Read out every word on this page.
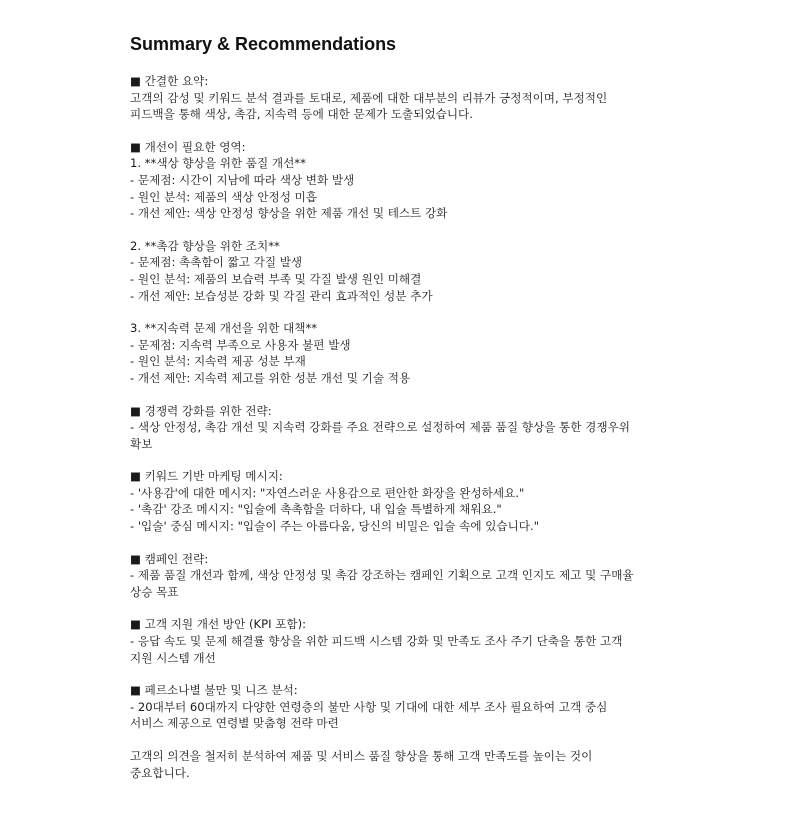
Summary & Recommendations
■ 간결한 요약:
고객의 감성 및 키워드 분석 결과를 토대로, 제품에 대한 대부분의 리뷰가 긍정적이며, 부정적인
피드백을 통해 색상, 촉감, 지속력 등에 대한 문제가 도출되었습니다.
■ 개선이 필요한 영역:
1. **색상 향상을 위한 품질 개선**
- 문제점: 시간이 지남에 따라 색상 변화 발생
- 원인 분석: 제품의 색상 안정성 미흡
- 개선 제안: 색상 안정성 향상을 위한 제품 개선 및 테스트 강화
2. **촉감 향상을 위한 조치**
- 문제점: 촉촉함이 짧고 각질 발생
- 원인 분석: 제품의 보습력 부족 및 각질 발생 원인 미해결
- 개선 제안: 보습성분 강화 및 각질 관리 효과적인 성분 추가
3. **지속력 문제 개선을 위한 대책**
- 문제점: 지속력 부족으로 사용자 불편 발생
- 원인 분석: 지속력 제공 성분 부재
- 개선 제안: 지속력 제고를 위한 성분 개선 및 기술 적용
■ 경쟁력 강화를 위한 전략:
- 색상 안정성, 촉감 개선 및 지속력 강화를 주요 전략으로 설정하여 제품 품질 향상을 통한 경쟁우위
확보
■ 키워드 기반 마케팅 메시지:
- '사용감'에 대한 메시지: "자연스러운 사용감으로 편안한 화장을 완성하세요."
- '촉감' 강조 메시지: "입술에 촉촉함을 더하다, 내 입술 특별하게 채워요."
- '입술' 중심 메시지: "입술이 주는 아름다움, 당신의 비밀은 입술 속에 있습니다."
■ 캠페인 전략:
- 제품 품질 개선과 함께, 색상 안정성 및 촉감 강조하는 캠페인 기획으로 고객 인지도 제고 및 구매율
상승 목표
■ 고객 지원 개선 방안 (KPI 포함):
- 응답 속도 및 문제 해결률 향상을 위한 피드백 시스템 강화 및 만족도 조사 주기 단축을 통한 고객
지원 시스템 개선
■ 페르소나별 불만 및 니즈 분석:
- 20대부터 60대까지 다양한 연령층의 불만 사항 및 기대에 대한 세부 조사 필요하여 고객 중심
서비스 제공으로 연령별 맞춤형 전략 마련
고객의 의견을 철저히 분석하여 제품 및 서비스 품질 향상을 통해 고객 만족도를 높이는 것이
중요합니다.
